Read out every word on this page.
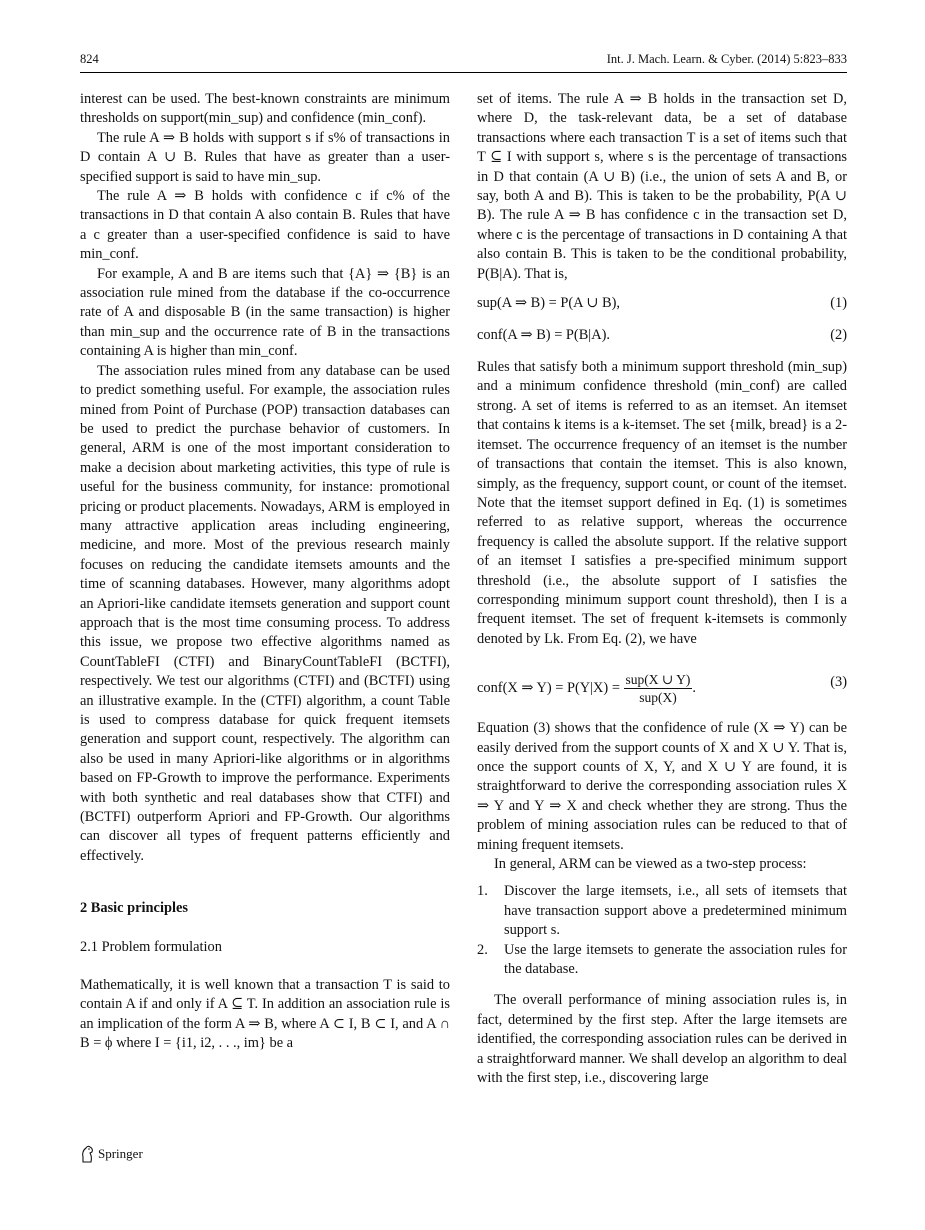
824	Int. J. Mach. Learn. & Cyber. (2014) 5:823–833

interest can be used. The best-known constraints are minimum thresholds on support(min_sup) and confidence (min_conf).

The rule A ⇒ B holds with support s if s% of transactions in D contain A ∪ B. Rules that have as greater than a user-specified support is said to have min_sup.

The rule A ⇒ B holds with confidence c if c% of the transactions in D that contain A also contain B. Rules that have a c greater than a user-specified confidence is said to have min_conf.

For example, A and B are items such that {A} ⇒ {B} is an association rule mined from the database if the co-occurrence rate of A and disposable B (in the same transaction) is higher than min_sup and the occurrence rate of B in the transactions containing A is higher than min_conf.

The association rules mined from any database can be used to predict something useful. For example, the association rules mined from Point of Purchase (POP) transaction databases can be used to predict the purchase behavior of customers. In general, ARM is one of the most important consideration to make a decision about marketing activities, this type of rule is useful for the business community, for instance: promotional pricing or product placements. Nowadays, ARM is employed in many attractive application areas including engineering, medicine, and more. Most of the previous research mainly focuses on reducing the candidate itemsets amounts and the time of scanning databases. However, many algorithms adopt an Apriori-like candidate itemsets generation and support count approach that is the most time consuming process. To address this issue, we propose two effective algorithms named as CountTableFI (CTFI) and BinaryCountTableFI (BCTFI), respectively. We test our algorithms (CTFI) and (BCTFI) using an illustrative example. In the (CTFI) algorithm, a count Table is used to compress database for quick frequent itemsets generation and support count, respectively. The algorithm can also be used in many Apriori-like algorithms or in algorithms based on FP-Growth to improve the performance. Experiments with both synthetic and real databases show that CTFI) and (BCTFI) outperform Apriori and FP-Growth. Our algorithms can discover all types of frequent patterns efficiently and effectively.

2 Basic principles

2.1 Problem formulation

Mathematically, it is well known that a transaction T is said to contain A if and only if A ⊆ T. In addition an association rule is an implication of the form A ⇒ B, where A ⊂ I, B ⊂ I, and A ∩ B = ϕ where I = {i1, i2, . . ., im} be a

set of items. The rule A ⇒ B holds in the transaction set D, where D, the task-relevant data, be a set of database transactions where each transaction T is a set of items such that T ⊆ I with support s, where s is the percentage of transactions in D that contain (A ∪ B) (i.e., the union of sets A and B, or say, both A and B). This is taken to be the probability, P(A ∪ B). The rule A ⇒ B has confidence c in the transaction set D, where c is the percentage of transactions in D containing A that also contain B. This is taken to be the conditional probability, P(B|A). That is,

sup(A ⇒ B) = P(A ∪ B),	(1)
conf(A ⇒ B) = P(B|A).	(2)

Rules that satisfy both a minimum support threshold (min_sup) and a minimum confidence threshold (min_conf) are called strong. A set of items is referred to as an itemset. An itemset that contains k items is a k-itemset. The set {milk, bread} is a 2-itemset. The occurrence frequency of an itemset is the number of transactions that contain the itemset. This is also known, simply, as the frequency, support count, or count of the itemset. Note that the itemset support defined in Eq. (1) is sometimes referred to as relative support, whereas the occurrence frequency is called the absolute support. If the relative support of an itemset I satisfies a pre-specified minimum support threshold (i.e., the absolute support of I satisfies the corresponding minimum support count threshold), then I is a frequent itemset. The set of frequent k-itemsets is commonly denoted by Lk. From Eq. (2), we have

conf(X ⇒ $Y) = P(Y|X) = \frac{\text{sup(X ∪ Y)}}{\text{sup(X)}}$ .	(3)

Equation (3) shows that the confidence of rule (X ⇒ Y) can be easily derived from the support counts of X and X ∪ Y. That is, once the support counts of X, Y, and X ∪ Y are found, it is straightforward to derive the corresponding association rules X ⇒ Y and Y ⇒ X and check whether they are strong. Thus the problem of mining association rules can be reduced to that of mining frequent itemsets.

In general, ARM can be viewed as a two-step process:

1. Discover the large itemsets, i.e., all sets of itemsets that have transaction support above a predetermined minimum support s.
2. Use the large itemsets to generate the association rules for the database.

The overall performance of mining association rules is, in fact, determined by the first step. After the large itemsets are identified, the corresponding association rules can be derived in a straightforward manner. We shall develop an algorithm to deal with the first step, i.e., discovering large

Springer
